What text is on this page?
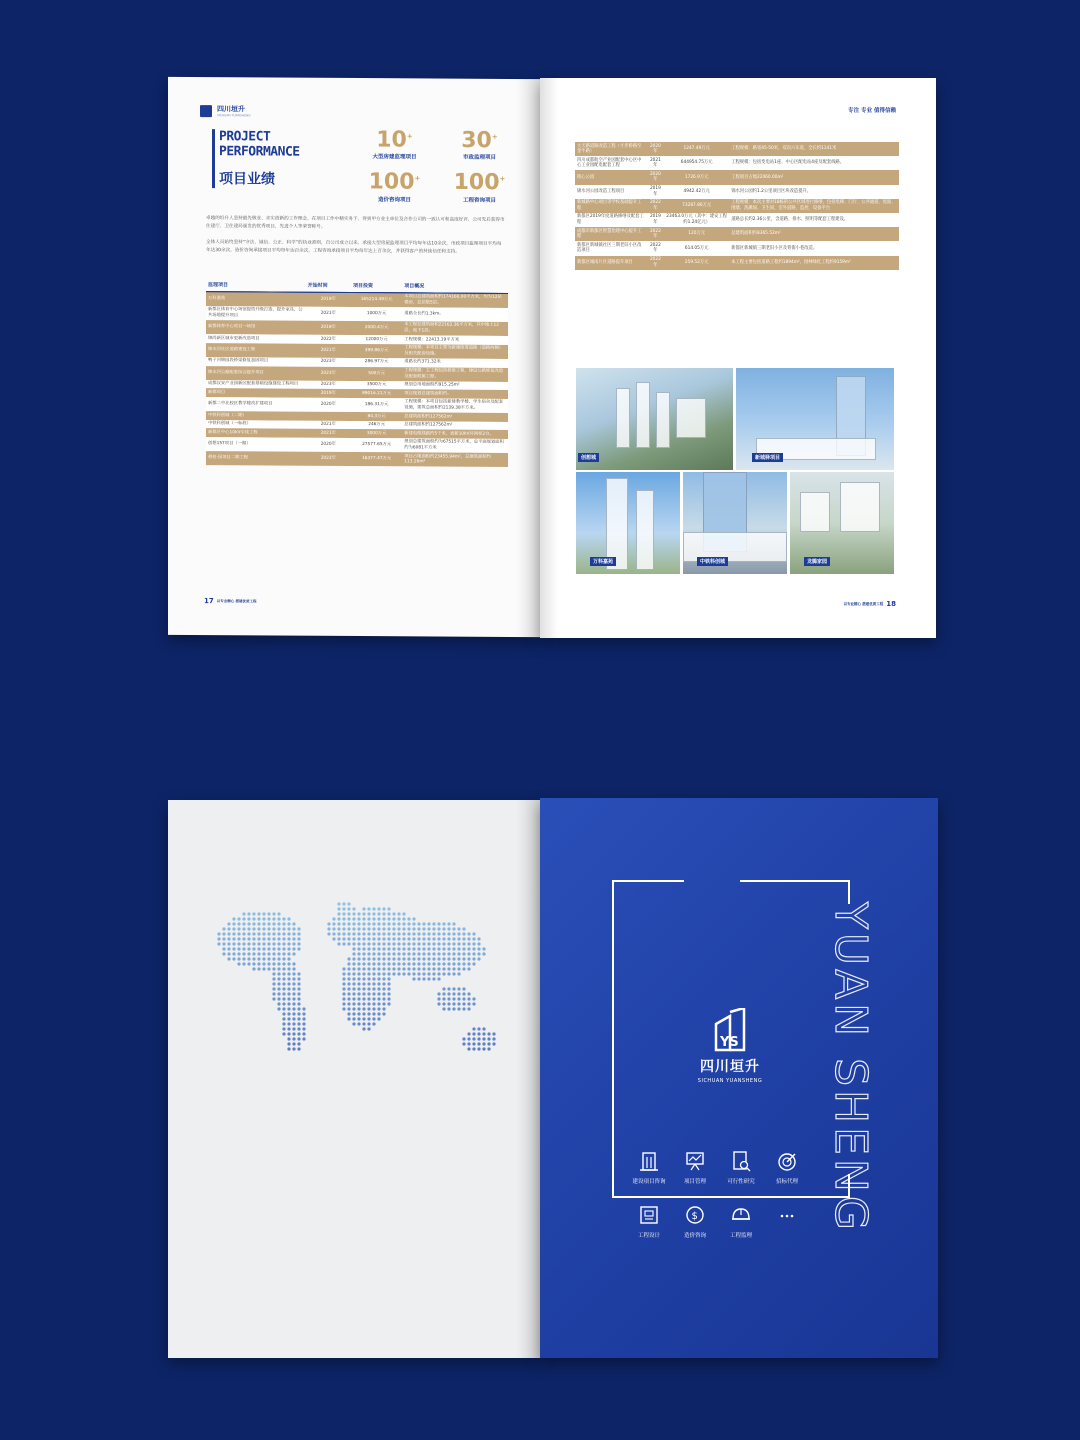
四川垣升
SICHUAN YUANSHENG
PROJECT
PERFORMANCE
项目业绩
10+
大型房建监理项目
30+
市政监理项目
100+
造价咨询项目
100+
工程咨询项目

卓越的垣升人坚持最先敬业、求实创新的工作理念，在项目工作中精实务于，得到甲方业主单位及合作公司的一致认可和高度好评，公司先后获得市住建厅、卫住建局颁发的优秀项目，先进个人等荣誉称号。

全体人员始终坚持“守法、诚信、公正、科学”的执业准则，自公司成立以来，承接大型房屋监理项目平均每年达10余次，市政项目监理项目平均每年达30余次，造价咨询承接项目平均每年达百余次，工程咨询承接项目平均每年达上百余次，并获得客户的持续信任和支持。

监理项目	开始时间	项目投资	项目概况
万科嘉苑	2019年	165214.49万元	本项目总建筑面积约174166.00平方米，均为12层楼房，总层数5层。
新都区体育中心场馆提档升级打造、提升家具、公共场地提升项目	2021年	1000万元	道路全长约1.3km。
新都体育中心项目一场馆	2019年	2000.4万元	本工程总建筑面积22162.36平方米，其中地上12层，地下1层。
锦尚新区城市更新改造项目	2022年	12000万元	工程规模：22413.19平方米
锦水河社区道路建设工程	2021年	399.86万元	工程规模：本项目主要为新建街道道路（道路两侧）及相关配套设施。
鸭子河锦园段桥梁修复加固项目	2023年	286.97万元	道路长约371.32米
锦水河公路配套综合提升项目	2023年	500万元	工程规模：主工程包括桥梁工程，建设公路修复改造及配套附属工程。
成都汉安产业园新区配套基础设施建设工程项目	2023年	3500万元	规划总用地面积约915.25m²
新都项目	2019年	89016.21万元	项目规划总建筑面积约。
新都二中北校区教学楼改扩建项目	2020年	186.31万元	工程规模：本项目包括新建教学楼、学生宿舍及配套设施，建筑总面积约2139.38平方米。
中铁科创城（二期）		84.3万元	总建筑面积约127562m²
中铁科创城（一标段）	2021年	246万元	总建筑面积约127562m²
新都区中心10kV专线工程	2021年	3000万元	新建电缆线路约5千米，更新10kV环网柜2台。
创想157项目（一期）	2020年	27577.65万元	规划总建筑面积约为67515平方米，总平面规划面积约为6081平方米
碧桂·园项目二期工程	2022年	16377.47万元	项目占地面积约23455.94m²，总建筑面积约113.26m²
17 以专业精心 搭建优质工程
专注 专业 值得信赖
大天路道路改造工程（寸步桥路至金牛路）	2020年	1247.49万元	工程规模：路宽45-50米，双向六车道，全长约1141米
四川成都航空产业园配套中心区中心工业园配电配套工程	2021年	644954.75万元	工程规模：包括变电站1座、中心区配电站4座及配套线路。
街心公园	2020年	1726.9万元	工程项目占地22060.00m²
锦水河公园改造工程项目	2019年	4942.42万元	锦水河公园约1.2公里项目区块改造提升。
新城路中心项目等学校基础提升工程	2022年	73287.86万元	工程规模：本次主要对18栋的公共区域进行修缮，包括电梯、门厅、公共通道、屋面、围墙、洗漱间、卫生间、室外道路、监控、设备平台
新都区2019年度道路修缮及配套工程	2019年	23463.0万元（其中：建安工程约1.24亿元）	道路总长约2.36公里，含道路、排水、照明等配套工程建设。
成都市新都区智慧治理中心提升工程	2022年	120万元	总建筑面积约8365.52m²
新都区新城镇社区三期老旧小区改造项目	2022年	614.05万元	新都区新城镇三期老旧小区及背街小巷改造。
新都区城南片区道路提升项目	2022年	259.52万元	本工程主要包括道路工程约1894m²，园林绿化工程约9159m²
创想城	新城驿项目
万科嘉苑	中铁科创城	龙腾家园
以专业精心 搭建优质工程 18
YUAN SHENG
YS
四川垣升
SICHUAN YUANSHENG
建设项目咨询	项目管理	可行性研究	招标代理
工程设计
$
造价咨询	工程监理
